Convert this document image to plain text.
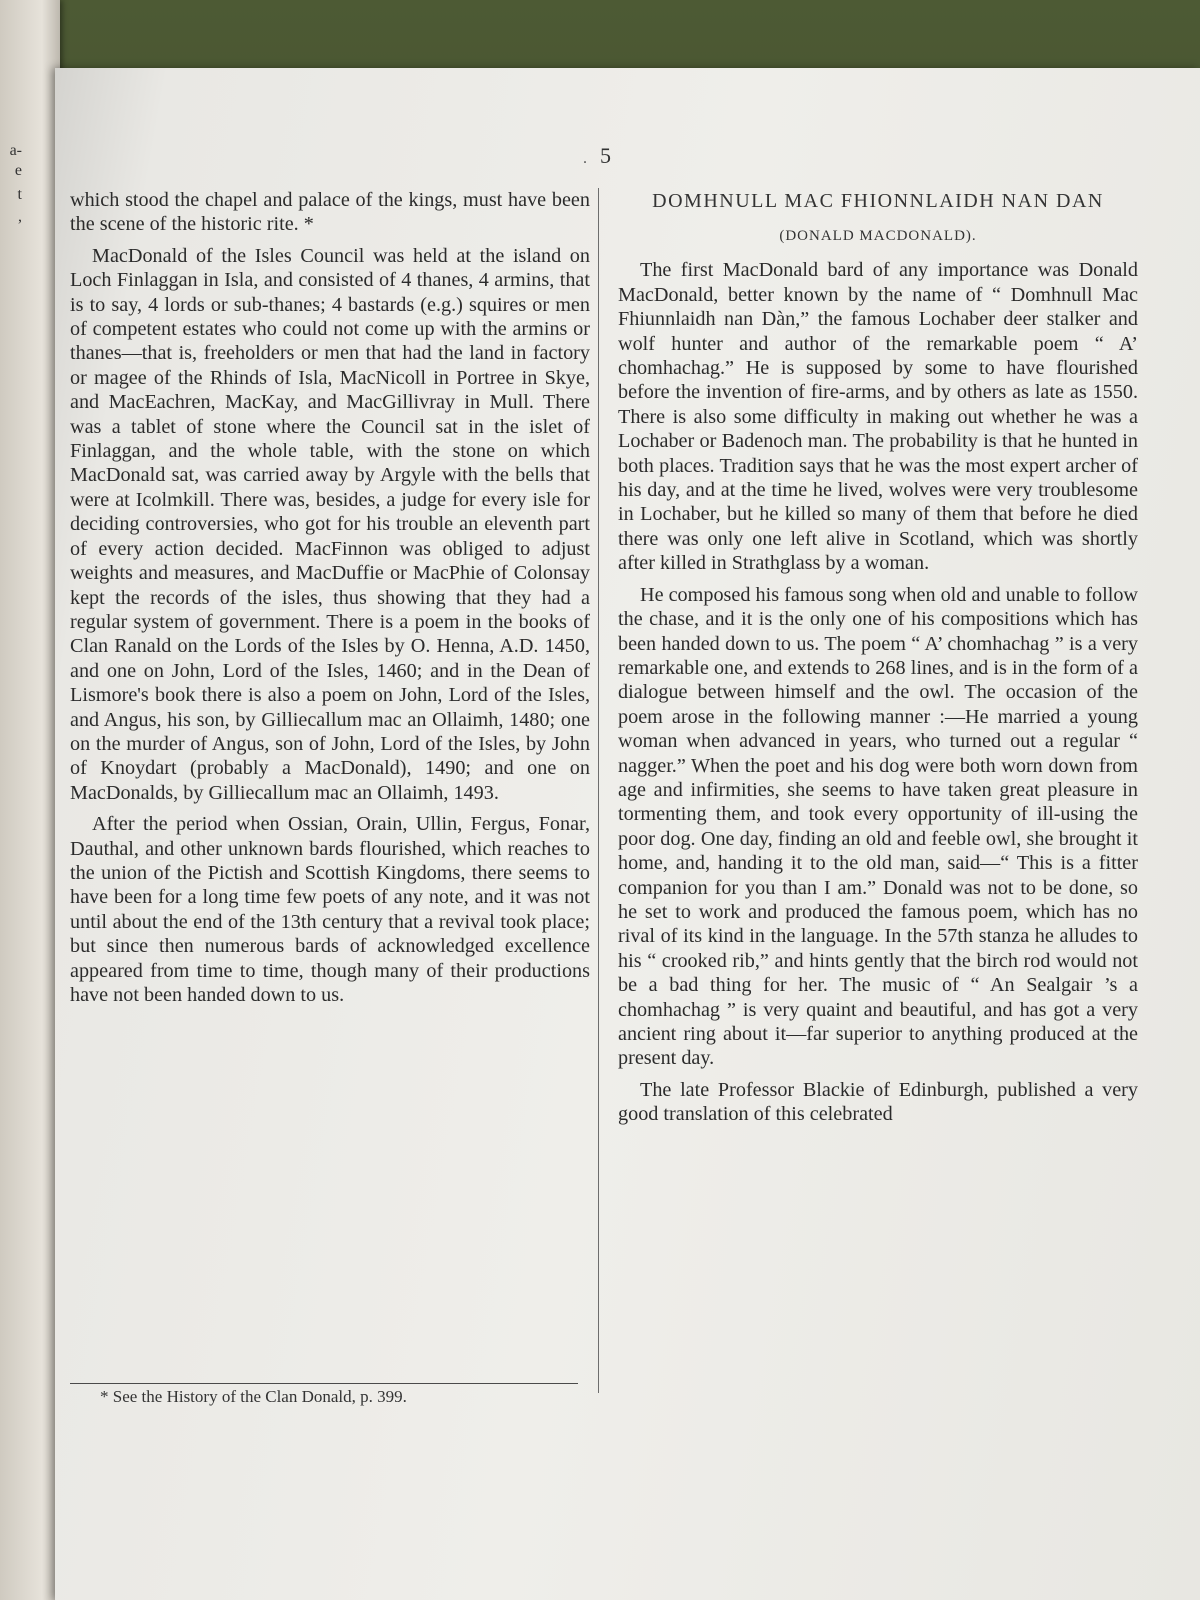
a-
e
t
,
. 5

which stood the chapel and palace of the kings, must have been the scene of the historic rite. *

MacDonald of the Isles Council was held at the island on Loch Finlaggan in Isla, and consisted of 4 thanes, 4 armins, that is to say, 4 lords or sub-thanes; 4 bastards (e.g.) squires or men of competent estates who could not come up with the armins or thanes—that is, freeholders or men that had the land in factory or magee of the Rhinds of Isla, MacNicoll in Portree in Skye, and MacEachren, MacKay, and MacGillivray in Mull. There was a tablet of stone where the Council sat in the islet of Finlaggan, and the whole table, with the stone on which MacDonald sat, was carried away by Argyle with the bells that were at Icolmkill. There was, besides, a judge for every isle for deciding controversies, who got for his trouble an eleventh part of every action decided. MacFinnon was obliged to adjust weights and measures, and MacDuffie or MacPhie of Colonsay kept the records of the isles, thus showing that they had a regular system of government. There is a poem in the books of Clan Ranald on the Lords of the Isles by O. Henna, A.D. 1450, and one on John, Lord of the Isles, 1460; and in the Dean of Lismore's book there is also a poem on John, Lord of the Isles, and Angus, his son, by Gilliecallum mac an Ollaimh, 1480; one on the murder of Angus, son of John, Lord of the Isles, by John of Knoydart (probably a MacDonald), 1490; and one on MacDonalds, by Gilliecallum mac an Ollaimh, 1493.

After the period when Ossian, Orain, Ullin, Fergus, Fonar, Dauthal, and other unknown bards flourished, which reaches to the union of the Pictish and Scottish Kingdoms, there seems to have been for a long time few poets of any note, and it was not until about the end of the 13th century that a revival took place; but since then numerous bards of acknowledged excellence appeared from time to time, though many of their productions have not been handed down to us.

DOMHNULL MAC FHIONNLAIDH NAN DAN
(DONALD MACDONALD).

The first MacDonald bard of any importance was Donald MacDonald, better known by the name of “ Domhnull Mac Fhiunnlaidh nan Dàn,” the famous Lochaber deer stalker and wolf hunter and author of the remarkable poem “ A’ chomhachag.” He is supposed by some to have flourished before the invention of fire-arms, and by others as late as 1550. There is also some difficulty in making out whether he was a Lochaber or Badenoch man. The probability is that he hunted in both places. Tradition says that he was the most expert archer of his day, and at the time he lived, wolves were very troublesome in Lochaber, but he killed so many of them that before he died there was only one left alive in Scotland, which was shortly after killed in Strathglass by a woman.

He composed his famous song when old and unable to follow the chase, and it is the only one of his compositions which has been handed down to us. The poem “ A’ chomhachag ” is a very remarkable one, and extends to 268 lines, and is in the form of a dialogue between himself and the owl. The occasion of the poem arose in the following manner :—He married a young woman when advanced in years, who turned out a regular “ nagger.” When the poet and his dog were both worn down from age and infirmities, she seems to have taken great pleasure in tormenting them, and took every opportunity of ill-using the poor dog. One day, finding an old and feeble owl, she brought it home, and, handing it to the old man, said—“ This is a fitter companion for you than I am.” Donald was not to be done, so he set to work and produced the famous poem, which has no rival of its kind in the language. In the 57th stanza he alludes to his “ crooked rib,” and hints gently that the birch rod would not be a bad thing for her. The music of “ An Sealgair ’s a chomhachag ” is very quaint and beautiful, and has got a very ancient ring about it—far superior to anything produced at the present day.

The late Professor Blackie of Edinburgh, published a very good translation of this celebrated

* See the History of the Clan Donald, p. 399.
